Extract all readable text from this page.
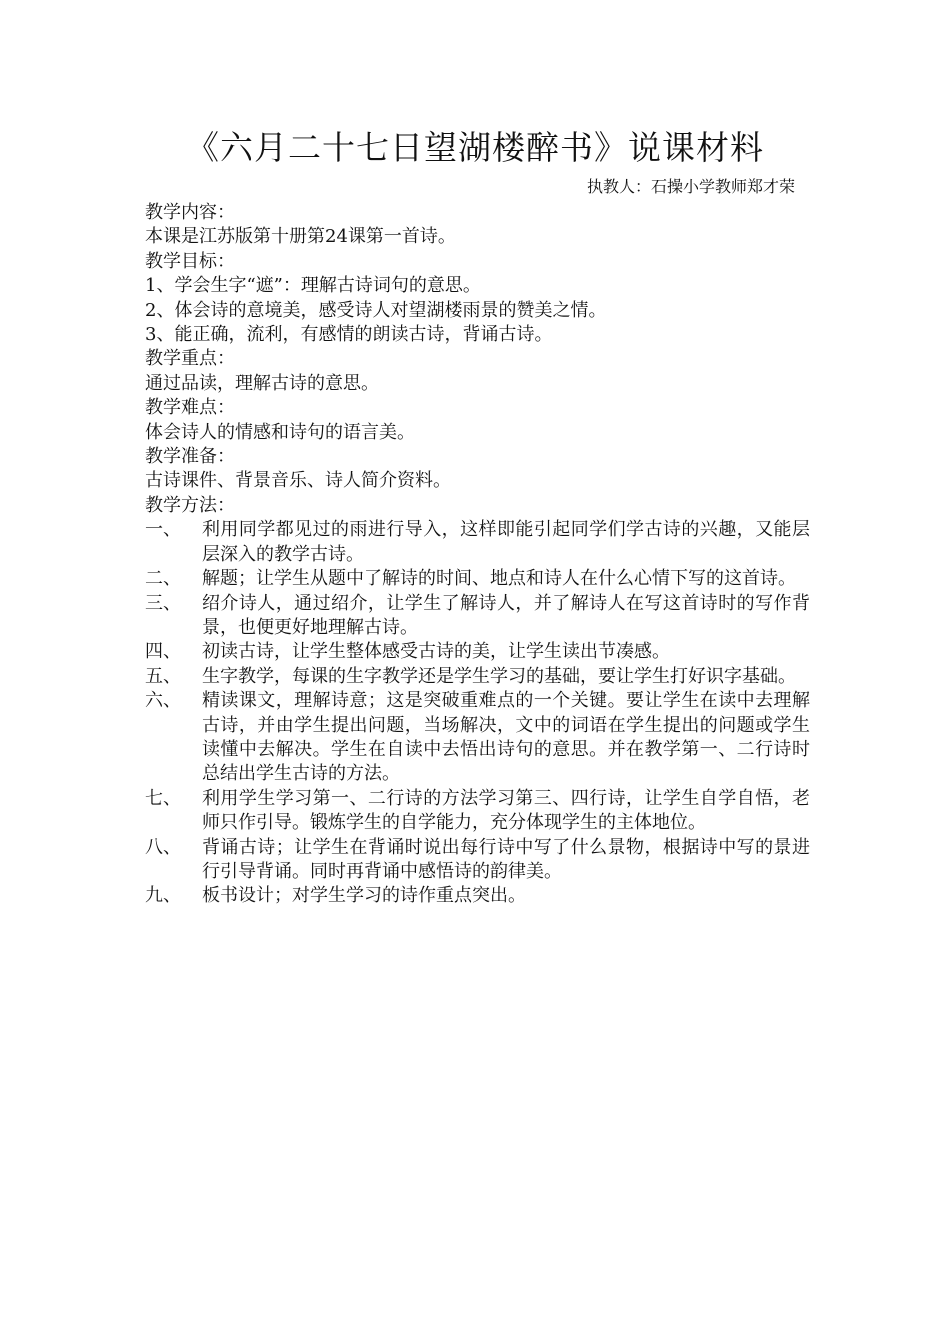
《六月二十七日望湖楼醉书》说课材料
执教人：石操小学教师郑才荣
教学内容：
本课是江苏版第十册第24课第一首诗。
教学目标：
1、学会生字“遮”：理解古诗词句的意思。
2、体会诗的意境美，感受诗人对望湖楼雨景的赞美之情。
3、能正确，流利，有感情的朗读古诗，背诵古诗。
教学重点：
通过品读，理解古诗的意思。
教学难点：
体会诗人的情感和诗句的语言美。
教学准备：
古诗课件、背景音乐、诗人简介资料。
教学方法：
一、	利用同学都见过的雨进行导入，这样即能引起同学们学古诗的兴趣，又能层层深入的教学古诗。
二、	解题；让学生从题中了解诗的时间、地点和诗人在什么心情下写的这首诗。
三、	绍介诗人，通过绍介，让学生了解诗人，并了解诗人在写这首诗时的写作背景，也便更好地理解古诗。
四、	初读古诗，让学生整体感受古诗的美，让学生读出节凑感。
五、	生字教学，每课的生字教学还是学生学习的基础，要让学生打好识字基础。
六、	精读课文，理解诗意；这是突破重难点的一个关键。要让学生在读中去理解古诗，并由学生提出问题，当场解决，文中的词语在学生提出的问题或学生读懂中去解决。学生在自读中去悟出诗句的意思。并在教学第一、二行诗时总结出学生古诗的方法。
七、	利用学生学习第一、二行诗的方法学习第三、四行诗，让学生自学自悟，老师只作引导。锻炼学生的自学能力，充分体现学生的主体地位。
八、	背诵古诗；让学生在背诵时说出每行诗中写了什么景物，根据诗中写的景进行引导背诵。同时再背诵中感悟诗的韵律美。
九、	板书设计；对学生学习的诗作重点突出。
